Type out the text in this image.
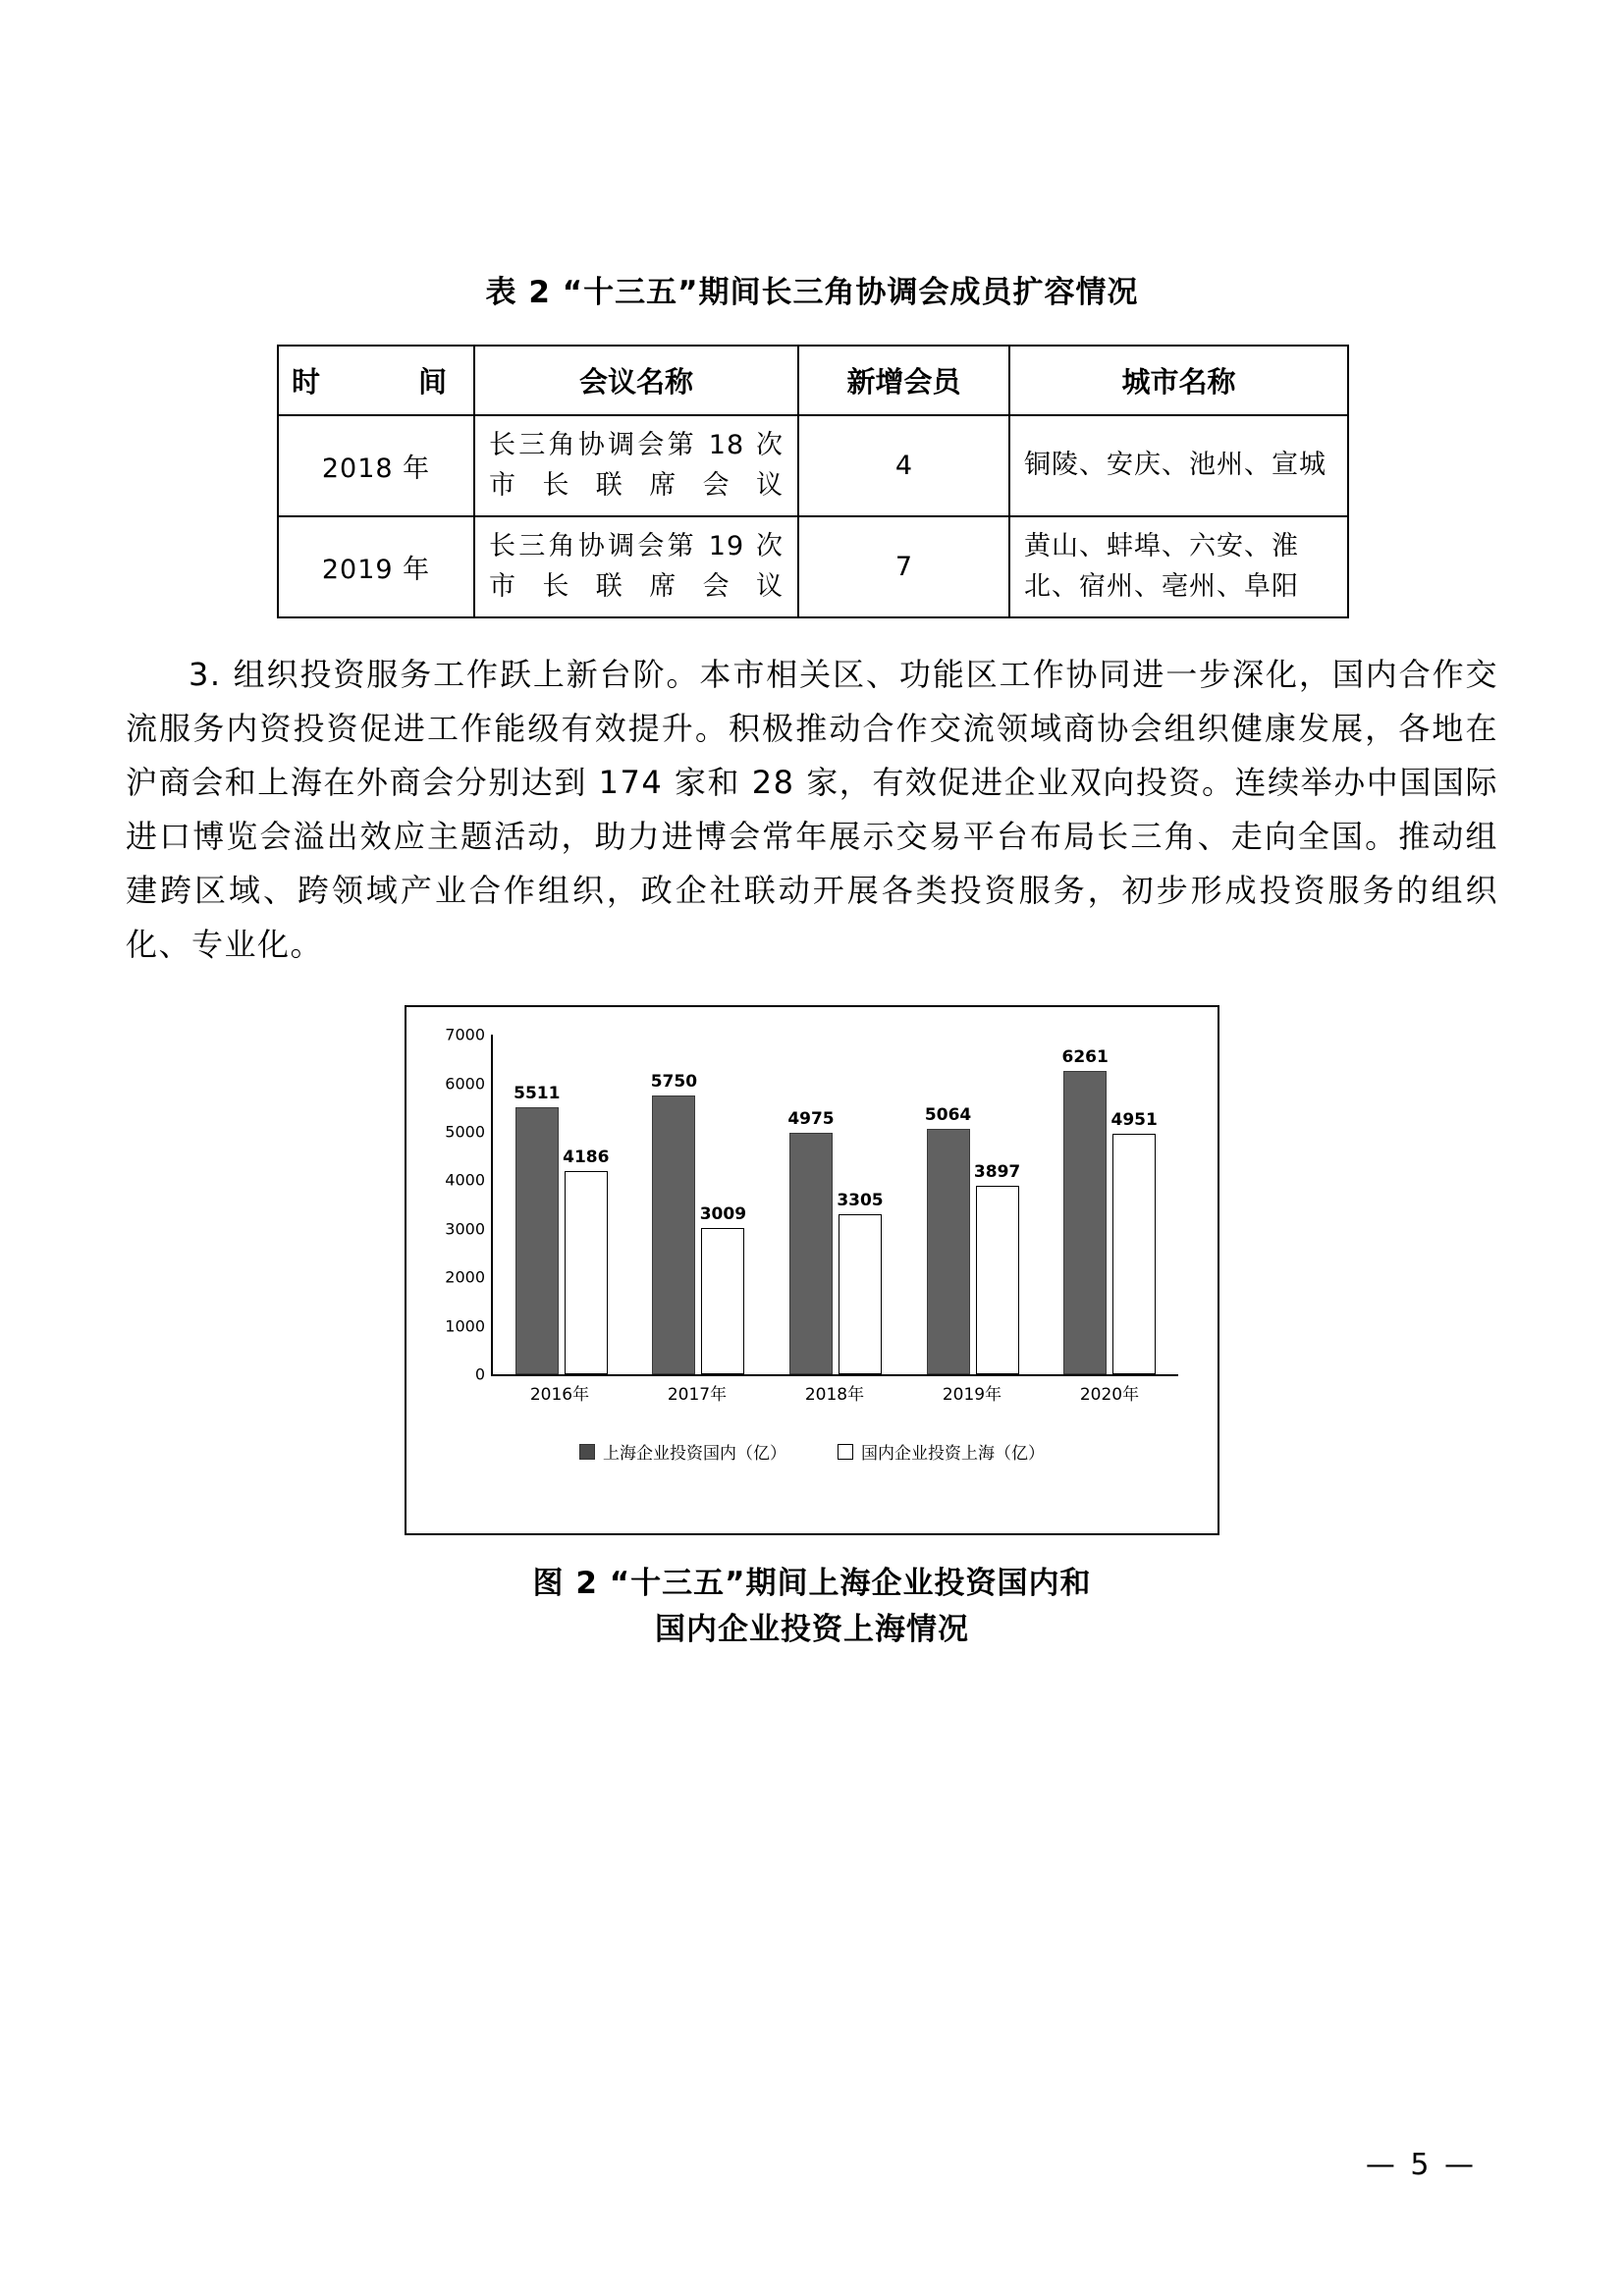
表 2 “十三五”期间长三角协调会成员扩容情况
时　　间	会议名称	新增会员	城市名称
2018 年	长三角协调会第 18 次市长联席会议	4	铜陵、安庆、池州、宣城
2019 年	长三角协调会第 19 次市长联席会议	7	黄山、蚌埠、六安、淮北、宿州、亳州、阜阳

3. 组织投资服务工作跃上新台阶。本市相关区、功能区工作协同进一步深化，国内合作交流服务内资投资促进工作能级有效提升。积极推动合作交流领域商协会组织健康发展，各地在沪商会和上海在外商会分别达到 174 家和 28 家，有效促进企业双向投资。连续举办中国国际进口博览会溢出效应主题活动，助力进博会常年展示交易平台布局长三角、走向全国。推动组建跨区域、跨领域产业合作组织，政企社联动开展各类投资服务，初步形成投资服务的组织化、专业化。

0
1000
2000
3000
4000
5000
6000
7000
5511
4186
5750
3009
4975
3305
5064
3897
6261
4951
2016年	2017年	2018年	2019年	2020年
上海企业投资国内（亿）	国内企业投资上海（亿）
图 2 “十三五”期间上海企业投资国内和
国内企业投资上海情况
— 5 —
